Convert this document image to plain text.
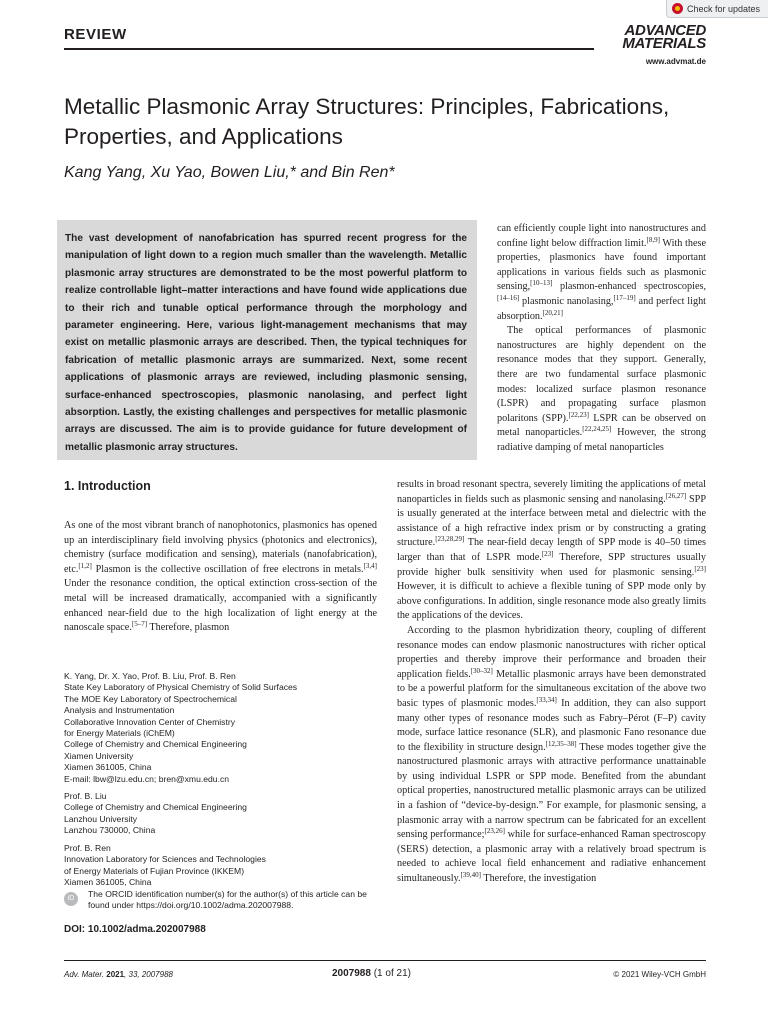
Check for updates
REVIEW	ADVANCED
MATERIALS
www.advmat.de
Metallic Plasmonic Array Structures: Principles, Fabrications, Properties, and Applications
Kang Yang, Xu Yao, Bowen Liu,* and Bin Ren*

The vast development of nanofabrication has spurred recent progress for the manipulation of light down to a region much smaller than the wavelength. Metallic plasmonic array structures are demonstrated to be the most powerful platform to realize controllable light–matter interactions and have found wide applications due to their rich and tunable optical performance through the morphology and parameter engineering. Here, various light-management mechanisms that may exist on metallic plasmonic arrays are described. Then, the typical techniques for fabrication of metallic plasmonic arrays are summarized. Next, some recent applications of plasmonic arrays are reviewed, including plasmonic sensing, surface-enhanced spectroscopies, plasmonic nanolasing, and perfect light absorption. Lastly, the existing challenges and perspectives for metallic plasmonic arrays are discussed. The aim is to provide guidance for future development of metallic plasmonic array structures.

can efficiently couple light into nanostructures and confine light below diffraction limit.[8,9] With these properties, plasmonics have found important applications in various fields such as plasmonic sensing,[10–13] plasmon-enhanced spectroscopies,[14–16] plasmonic nanolasing,[17–19] and perfect light absorption.[20,21]

The optical performances of plasmonic nanostructures are highly dependent on the resonance modes that they support. Generally, there are two fundamental surface plasmonic modes: localized surface plasmon resonance (LSPR) and propagating surface plasmon polaritons (SPP).[22,23] LSPR can be observed on metal nanoparticles.[22,24,25] However, the strong radiative damping of metal nanoparticles

1. Introduction

As one of the most vibrant branch of nanophotonics, plasmonics has opened up an interdisciplinary field involving physics (photonics and electronics), chemistry (surface modification and sensing), materials (nanofabrication), etc.[1,2] Plasmon is the collective oscillation of free electrons in metals.[3,4] Under the resonance condition, the optical extinction cross-section of the metal will be increased dramatically, accompanied with a significantly enhanced near-field due to the high localization of light energy at the nanoscale space.[5–7] Therefore, plasmon

results in broad resonant spectra, severely limiting the applications of metal nanoparticles in fields such as plasmonic sensing and nanolasing.[26,27] SPP is usually generated at the interface between metal and dielectric with the assistance of a high refractive index prism or by constructing a grating structure.[23,28,29] The near-field decay length of SPP mode is 40–50 times larger than that of LSPR mode.[23] Therefore, SPP structures usually provide higher bulk sensitivity when used for plasmonic sensing.[23] However, it is difficult to achieve a flexible tuning of SPP mode only by above configurations. In addition, single resonance mode also greatly limits the applications of the devices.

According to the plasmon hybridization theory, coupling of different resonance modes can endow plasmonic nanostructures with richer optical properties and thereby improve their performance and broaden their application fields.[30–32] Metallic plasmonic arrays have been demonstrated to be a powerful platform for the simultaneous excitation of the above two basic types of plasmonic modes.[33,34] In addition, they can also support many other types of resonance modes such as Fabry–Pérot (F–P) cavity mode, surface lattice resonance (SLR), and plasmonic Fano resonance due to the flexibility in structure design.[12,35–38] These modes together give the nanostructured plasmonic arrays with attractive performance unattainable by using individual LSPR or SPP mode. Benefited from the abundant optical properties, nanostructured metallic plasmonic arrays can be utilized in a fashion of “device-by-design.” For example, for plasmonic sensing, a plasmonic array with a narrow spectrum can be fabricated for an excellent sensing performance;[23,26] while for surface-enhanced Raman spectroscopy (SERS) detection, a plasmonic array with a relatively broad spectrum is needed to achieve local field enhancement and radiative enhancement simultaneously.[39,40] Therefore, the investigation

K. Yang, Dr. X. Yao, Prof. B. Liu, Prof. B. Ren
State Key Laboratory of Physical Chemistry of Solid Surfaces
The MOE Key Laboratory of Spectrochemical
Analysis and Instrumentation
Collaborative Innovation Center of Chemistry
for Energy Materials (iChEM)
College of Chemistry and Chemical Engineering
Xiamen University
Xiamen 361005, China
E-mail: lbw@lzu.edu.cn; bren@xmu.edu.cn
Prof. B. Liu
College of Chemistry and Chemical Engineering
Lanzhou University
Lanzhou 730000, China
Prof. B. Ren
Innovation Laboratory for Sciences and Technologies
of Energy Materials of Fujian Province (IKKEM)
Xiamen 361005, China
iD	The ORCID identification number(s) for the author(s) of this article can be found under https://doi.org/10.1002/adma.202007988.
DOI: 10.1002/adma.202007988
Adv. Mater. 2021, 33, 2007988	2007988 (1 of 21)	© 2021 Wiley-VCH GmbH
